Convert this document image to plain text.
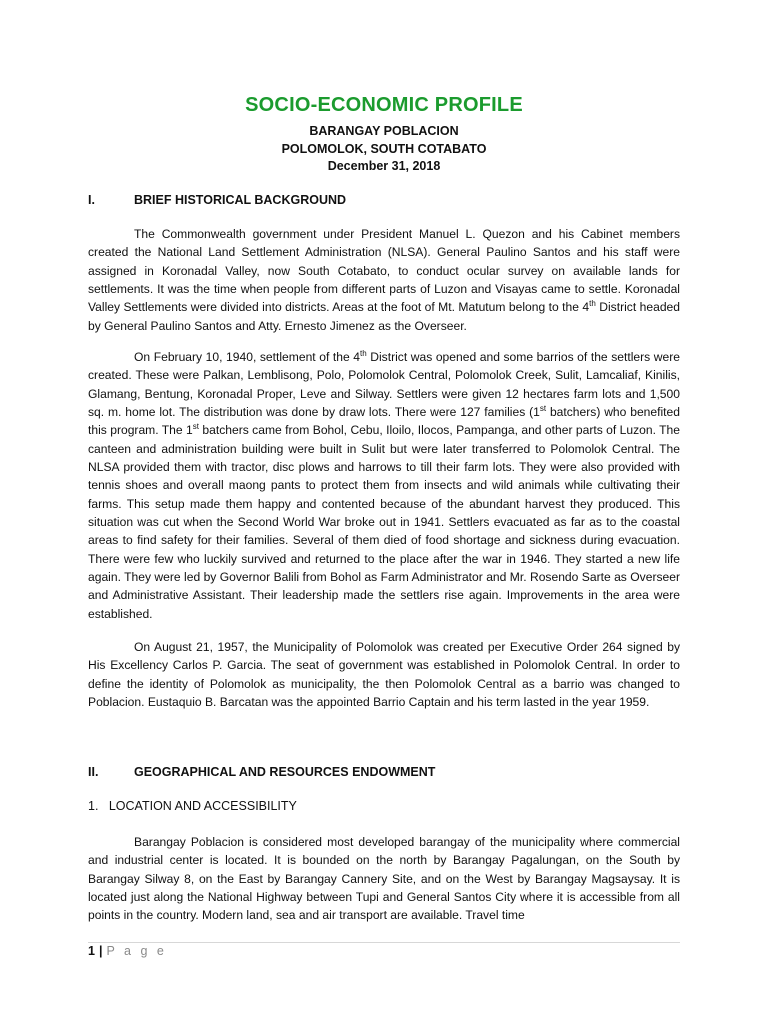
SOCIO-ECONOMIC PROFILE
BARANGAY POBLACION
POLOMOLOK, SOUTH COTABATO
December 31, 2018
I.	BRIEF HISTORICAL BACKGROUND
The Commonwealth government under President Manuel L. Quezon and his Cabinet members created the National Land Settlement Administration (NLSA). General Paulino Santos and his staff were assigned in Koronadal Valley, now South Cotabato, to conduct ocular survey on available lands for settlements. It was the time when people from different parts of Luzon and Visayas came to settle. Koronadal Valley Settlements were divided into districts. Areas at the foot of Mt. Matutum belong to the 4th District headed by General Paulino Santos and Atty. Ernesto Jimenez as the Overseer.
On February 10, 1940, settlement of the 4th District was opened and some barrios of the settlers were created. These were Palkan, Lemblisong, Polo, Polomolok Central, Polomolok Creek, Sulit, Lamcaliaf, Kinilis, Glamang, Bentung, Koronadal Proper, Leve and Silway. Settlers were given 12 hectares farm lots and 1,500 sq. m. home lot. The distribution was done by draw lots. There were 127 families (1st batchers) who benefited this program. The 1st batchers came from Bohol, Cebu, Iloilo, Ilocos, Pampanga, and other parts of Luzon. The canteen and administration building were built in Sulit but were later transferred to Polomolok Central. The NLSA provided them with tractor, disc plows and harrows to till their farm lots. They were also provided with tennis shoes and overall maong pants to protect them from insects and wild animals while cultivating their farms. This setup made them happy and contented because of the abundant harvest they produced. This situation was cut when the Second World War broke out in 1941. Settlers evacuated as far as to the coastal areas to find safety for their families. Several of them died of food shortage and sickness during evacuation. There were few who luckily survived and returned to the place after the war in 1946. They started a new life again. They were led by Governor Balili from Bohol as Farm Administrator and Mr. Rosendo Sarte as Overseer and Administrative Assistant. Their leadership made the settlers rise again. Improvements in the area were established.
On August 21, 1957, the Municipality of Polomolok was created per Executive Order 264 signed by His Excellency Carlos P. Garcia. The seat of government was established in Polomolok Central. In order to define the identity of Polomolok as municipality, the then Polomolok Central as a barrio was changed to Poblacion. Eustaquio B. Barcatan was the appointed Barrio Captain and his term lasted in the year 1959.
II.	GEOGRAPHICAL AND RESOURCES ENDOWMENT
1. LOCATION AND ACCESSIBILITY
Barangay Poblacion is considered most developed barangay of the municipality where commercial and industrial center is located. It is bounded on the north by Barangay Pagalungan, on the South by Barangay Silway 8, on the East by Barangay Cannery Site, and on the West by Barangay Magsaysay. It is located just along the National Highway between Tupi and General Santos City where it is accessible from all points in the country. Modern land, sea and air transport are available. Travel time
1 | P a g e
